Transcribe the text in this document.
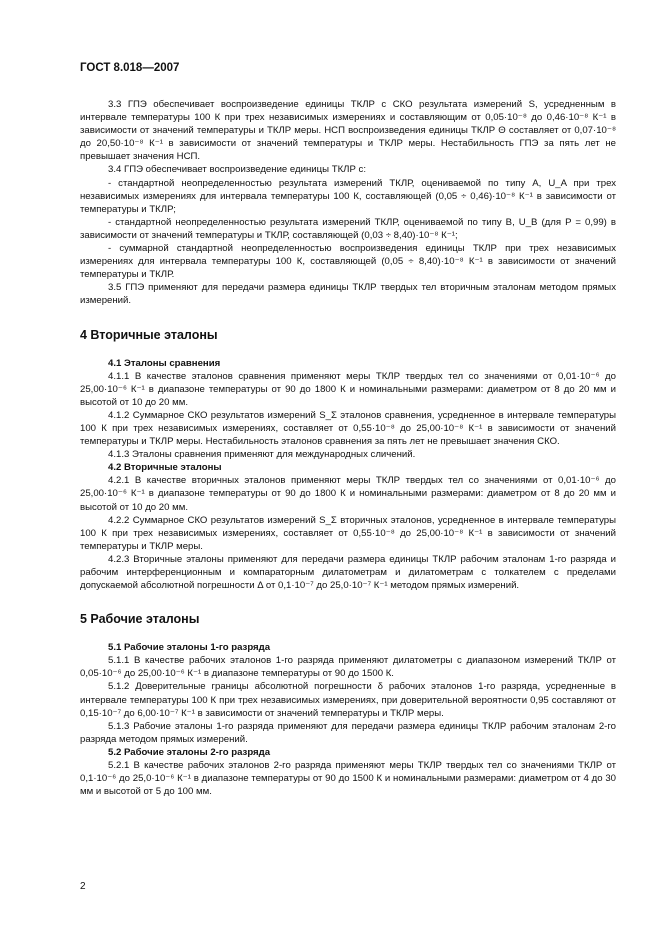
ГОСТ 8.018—2007

3.3 ГПЭ обеспечивает воспроизведение единицы ТКЛР с СКО результата измерений S, усредненным в интервале температуры 100 К при трех независимых измерениях и составляющим от 0,05·10⁻⁸ до 0,46·10⁻⁸ К⁻¹ в зависимости от значений температуры и ТКЛР меры. НСП воспроизведения единицы ТКЛР Θ составляет от 0,07·10⁻⁸ до 20,50·10⁻⁸ К⁻¹ в зависимости от значений температуры и ТКЛР меры. Нестабильность ГПЭ за пять лет не превышает значения НСП.

3.4 ГПЭ обеспечивает воспроизведение единицы ТКЛР с:

- стандартной неопределенностью результата измерений ТКЛР, оцениваемой по типу A, U_A при трех независимых измерениях для интервала температуры 100 К, составляющей (0,05 ÷ 0,46)·10⁻⁸ К⁻¹ в зависимости от температуры и ТКЛР;

- стандартной неопределенностью результата измерений ТКЛР, оцениваемой по типу B, U_B (для P = 0,99) в зависимости от значений температуры и ТКЛР, составляющей (0,03 ÷ 8,40)·10⁻⁸ К⁻¹;

- суммарной стандартной неопределенностью воспроизведения единицы ТКЛР при трех независимых измерениях для интервала температуры 100 К, составляющей (0,05 ÷ 8,40)·10⁻⁸ К⁻¹ в зависимости от значений температуры и ТКЛР.

3.5 ГПЭ применяют для передачи размера единицы ТКЛР твердых тел вторичным эталонам методом прямых измерений.

4 Вторичные эталоны

4.1 Эталоны сравнения

4.1.1 В качестве эталонов сравнения применяют меры ТКЛР твердых тел со значениями от 0,01·10⁻⁶ до 25,00·10⁻⁶ К⁻¹ в диапазоне температуры от 90 до 1800 К и номинальными размерами: диаметром от 8 до 20 мм и высотой от 10 до 20 мм.

4.1.2 Суммарное СКО результатов измерений S_Σ эталонов сравнения, усредненное в интервале температуры 100 К при трех независимых измерениях, составляет от 0,55·10⁻⁸ до 25,00·10⁻⁸ К⁻¹ в зависимости от значений температуры и ТКЛР меры. Нестабильность эталонов сравнения за пять лет не превышает значения СКО.

4.1.3 Эталоны сравнения применяют для международных сличений.

4.2 Вторичные эталоны

4.2.1 В качестве вторичных эталонов применяют меры ТКЛР твердых тел со значениями от 0,01·10⁻⁶ до 25,00·10⁻⁶ К⁻¹ в диапазоне температуры от 90 до 1800 К и номинальными размерами: диаметром от 8 до 20 мм и высотой от 10 до 20 мм.

4.2.2 Суммарное СКО результатов измерений S_Σ вторичных эталонов, усредненное в интервале температуры 100 К при трех независимых измерениях, составляет от 0,55·10⁻⁸ до 25,00·10⁻⁸ К⁻¹ в зависимости от значений температуры и ТКЛР меры.

4.2.3 Вторичные эталоны применяют для передачи размера единицы ТКЛР рабочим эталонам 1-го разряда и рабочим интерференционным и компараторным дилатометрам и дилатометрам с толкателем с пределами допускаемой абсолютной погрешности Δ от 0,1·10⁻⁷ до 25,0·10⁻⁷ К⁻¹ методом прямых измерений.

5 Рабочие эталоны

5.1 Рабочие эталоны 1-го разряда

5.1.1 В качестве рабочих эталонов 1-го разряда применяют дилатометры с диапазоном измерений ТКЛР от 0,05·10⁻⁶ до 25,00·10⁻⁶ К⁻¹ в диапазоне температуры от 90 до 1500 К.

5.1.2 Доверительные границы абсолютной погрешности δ рабочих эталонов 1-го разряда, усредненные в интервале температуры 100 К при трех независимых измерениях, при доверительной вероятности 0,95 составляют от 0,15·10⁻⁷ до 6,00·10⁻⁷ К⁻¹ в зависимости от значений температуры и ТКЛР меры.

5.1.3 Рабочие эталоны 1-го разряда применяют для передачи размера единицы ТКЛР рабочим эталонам 2-го разряда методом прямых измерений.

5.2 Рабочие эталоны 2-го разряда

5.2.1 В качестве рабочих эталонов 2-го разряда применяют меры ТКЛР твердых тел со значениями ТКЛР от 0,1·10⁻⁶ до 25,0·10⁻⁶ К⁻¹ в диапазоне температуры от 90 до 1500 К и номинальными размерами: диаметром от 4 до 30 мм и высотой от 5 до 100 мм.

2
